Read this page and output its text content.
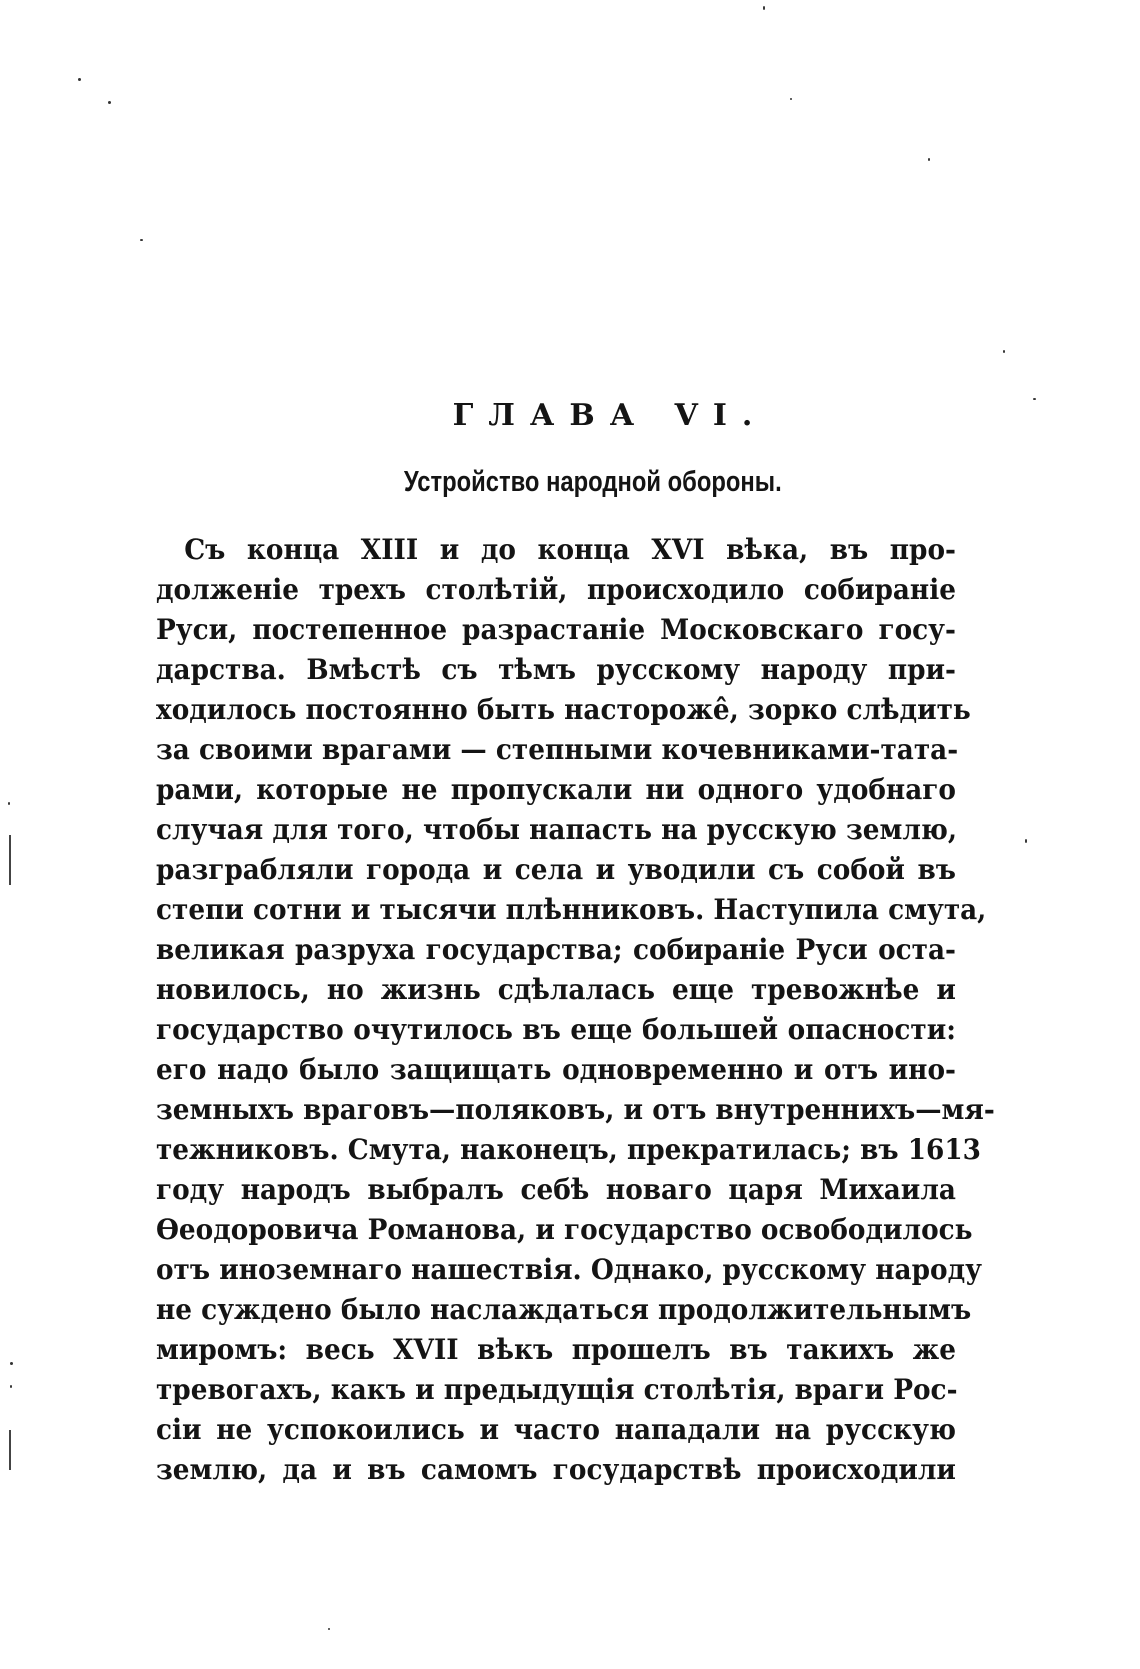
ГЛАВА VI.
Устройство народной обороны.
Съ конца XIII и до конца XVI вѣка, въ про-
долженіе трехъ столѣтій, происходило собираніе
Руси, постепенное разрастаніе Московскаго госу-
дарства. Вмѣстѣ съ тѣмъ русскому народу при-
ходилось постоянно быть настороже̂, зорко слѣдить
за своими врагами — степными кочевниками-тата-
рами, которые не пропускали ни одного удобнаго
случая для того, чтобы напасть на русскую землю,
разграбляли города и села и уводили съ собой въ
степи сотни и тысячи плѣнниковъ. Наступила смута,
великая разруха государства; собираніе Руси оста-
новилось, но жизнь сдѣлалась еще тревожнѣе и
государство очутилось въ еще большей опасности:
его надо было защищать одновременно и отъ ино-
земныхъ враговъ—поляковъ, и отъ внутреннихъ—мя-
тежниковъ. Смута, наконецъ, прекратилась; въ 1613
году народъ выбралъ себѣ новаго царя Михаила
Ѳеодоровича Романова, и государство освободилось
отъ иноземнаго нашествія. Однако, русскому народу
не суждено было наслаждаться продолжительнымъ
миромъ: весь XVII вѣкъ прошелъ въ такихъ же
тревогахъ, какъ и предыдущія столѣтія, враги Рос-
сіи не успокоились и часто нападали на русскую
землю, да и въ самомъ государствѣ происходили
